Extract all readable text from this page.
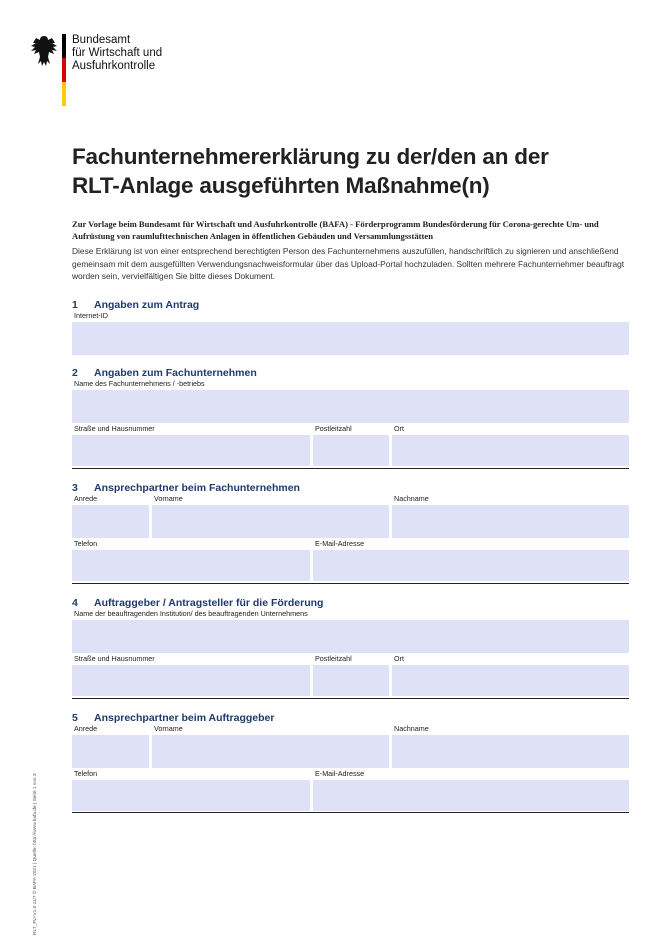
Bundesamt
für Wirtschaft und
Ausfuhrkontrolle
Fachunternehmererklärung zu der/den an der
RLT-Anlage ausgeführten Maßnahme(n)
Zur Vorlage beim Bundesamt für Wirtschaft und Ausfuhrkontrolle (BAFA) - Förderprogramm Bundesförderung für Corona-gerechte Um- und Aufrüstung von raumlufttechnischen Anlagen in öffentlichen Gebäuden und Versammlungsstätten
Diese Erklärung ist von einer entsprechend berechtigten Person des Fachunternehmens auszufüllen, handschriftlich zu signieren und anschließend gemeinsam mit dem ausgefüllten Verwendungsnachweisformular über das Upload-Portal hochzuladen. Sollten mehrere Fachunternehmer beauftragt worden sein, vervielfältigen Sie bitte dieses Dokument.
1 Angaben zum Antrag
Internet-ID
2 Angaben zum Fachunternehmen
Name des Fachunternehmens / -betriebs
Straße und Hausnummer	Postleitzahl	Ort
3 Ansprechpartner beim Fachunternehmen
Anrede	Vorname	Nachname
Telefon	E-Mail-Adresse
4 Auftraggeber / Antragsteller für die Förderung
Name der beauftragenden Institution/ des beauftragenden Unternehmens
Straße und Hausnummer	Postleitzahl	Ort
5 Ansprechpartner beim Auftraggeber
Anrede	Vorname	Nachname
Telefon	E-Mail-Adresse
RLT_FU-V1.0 11/7 © BAFA 2021 | Quelle: http://www.bafa.de | Seite 1 von 3
